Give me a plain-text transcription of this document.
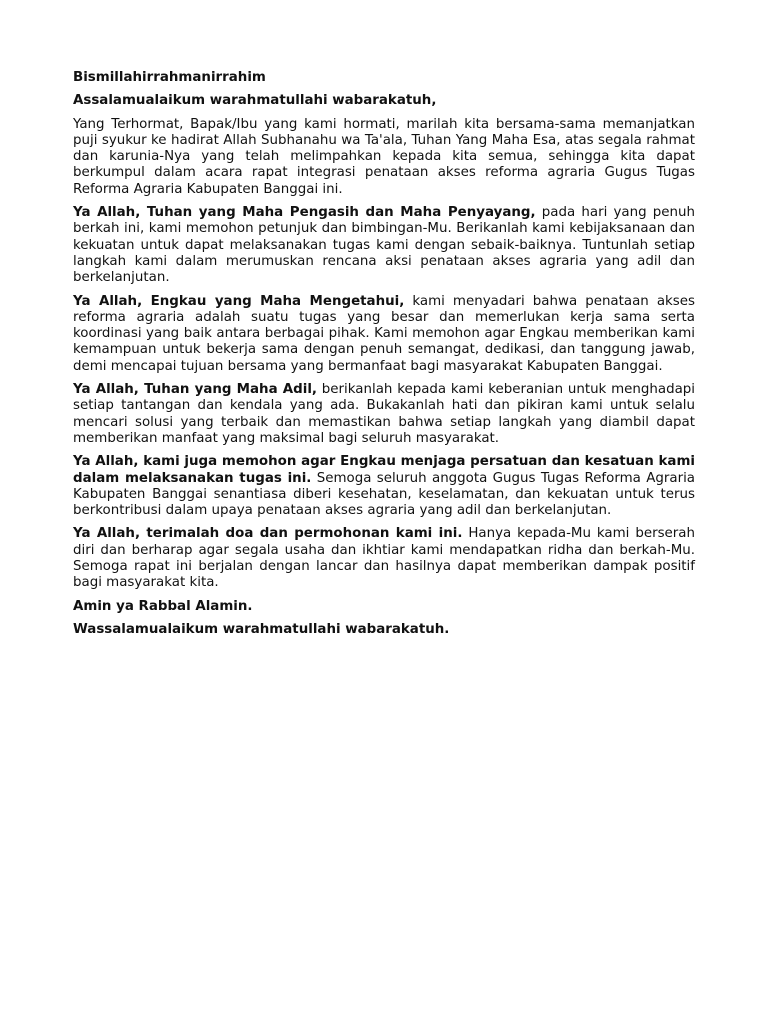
Bismillahirrahmanirrahim

Assalamualaikum warahmatullahi wabarakatuh,

Yang Terhormat, Bapak/Ibu yang kami hormati, marilah kita bersama-sama memanjatkan puji syukur ke hadirat Allah Subhanahu wa Ta'ala, Tuhan Yang Maha Esa, atas segala rahmat dan karunia-Nya yang telah melimpahkan kepada kita semua, sehingga kita dapat berkumpul dalam acara rapat integrasi penataan akses reforma agraria Gugus Tugas Reforma Agraria Kabupaten Banggai ini.

Ya Allah, Tuhan yang Maha Pengasih dan Maha Penyayang, pada hari yang penuh berkah ini, kami memohon petunjuk dan bimbingan-Mu. Berikanlah kami kebijaksanaan dan kekuatan untuk dapat melaksanakan tugas kami dengan sebaik-baiknya. Tuntunlah setiap langkah kami dalam merumuskan rencana aksi penataan akses agraria yang adil dan berkelanjutan.

Ya Allah, Engkau yang Maha Mengetahui, kami menyadari bahwa penataan akses reforma agraria adalah suatu tugas yang besar dan memerlukan kerja sama serta koordinasi yang baik antara berbagai pihak. Kami memohon agar Engkau memberikan kami kemampuan untuk bekerja sama dengan penuh semangat, dedikasi, dan tanggung jawab, demi mencapai tujuan bersama yang bermanfaat bagi masyarakat Kabupaten Banggai.

Ya Allah, Tuhan yang Maha Adil, berikanlah kepada kami keberanian untuk menghadapi setiap tantangan dan kendala yang ada. Bukakanlah hati dan pikiran kami untuk selalu mencari solusi yang terbaik dan memastikan bahwa setiap langkah yang diambil dapat memberikan manfaat yang maksimal bagi seluruh masyarakat.

Ya Allah, kami juga memohon agar Engkau menjaga persatuan dan kesatuan kami dalam melaksanakan tugas ini. Semoga seluruh anggota Gugus Tugas Reforma Agraria Kabupaten Banggai senantiasa diberi kesehatan, keselamatan, dan kekuatan untuk terus berkontribusi dalam upaya penataan akses agraria yang adil dan berkelanjutan.

Ya Allah, terimalah doa dan permohonan kami ini. Hanya kepada-Mu kami berserah diri dan berharap agar segala usaha dan ikhtiar kami mendapatkan ridha dan berkah-Mu. Semoga rapat ini berjalan dengan lancar dan hasilnya dapat memberikan dampak positif bagi masyarakat kita.

Amin ya Rabbal Alamin.

Wassalamualaikum warahmatullahi wabarakatuh.
